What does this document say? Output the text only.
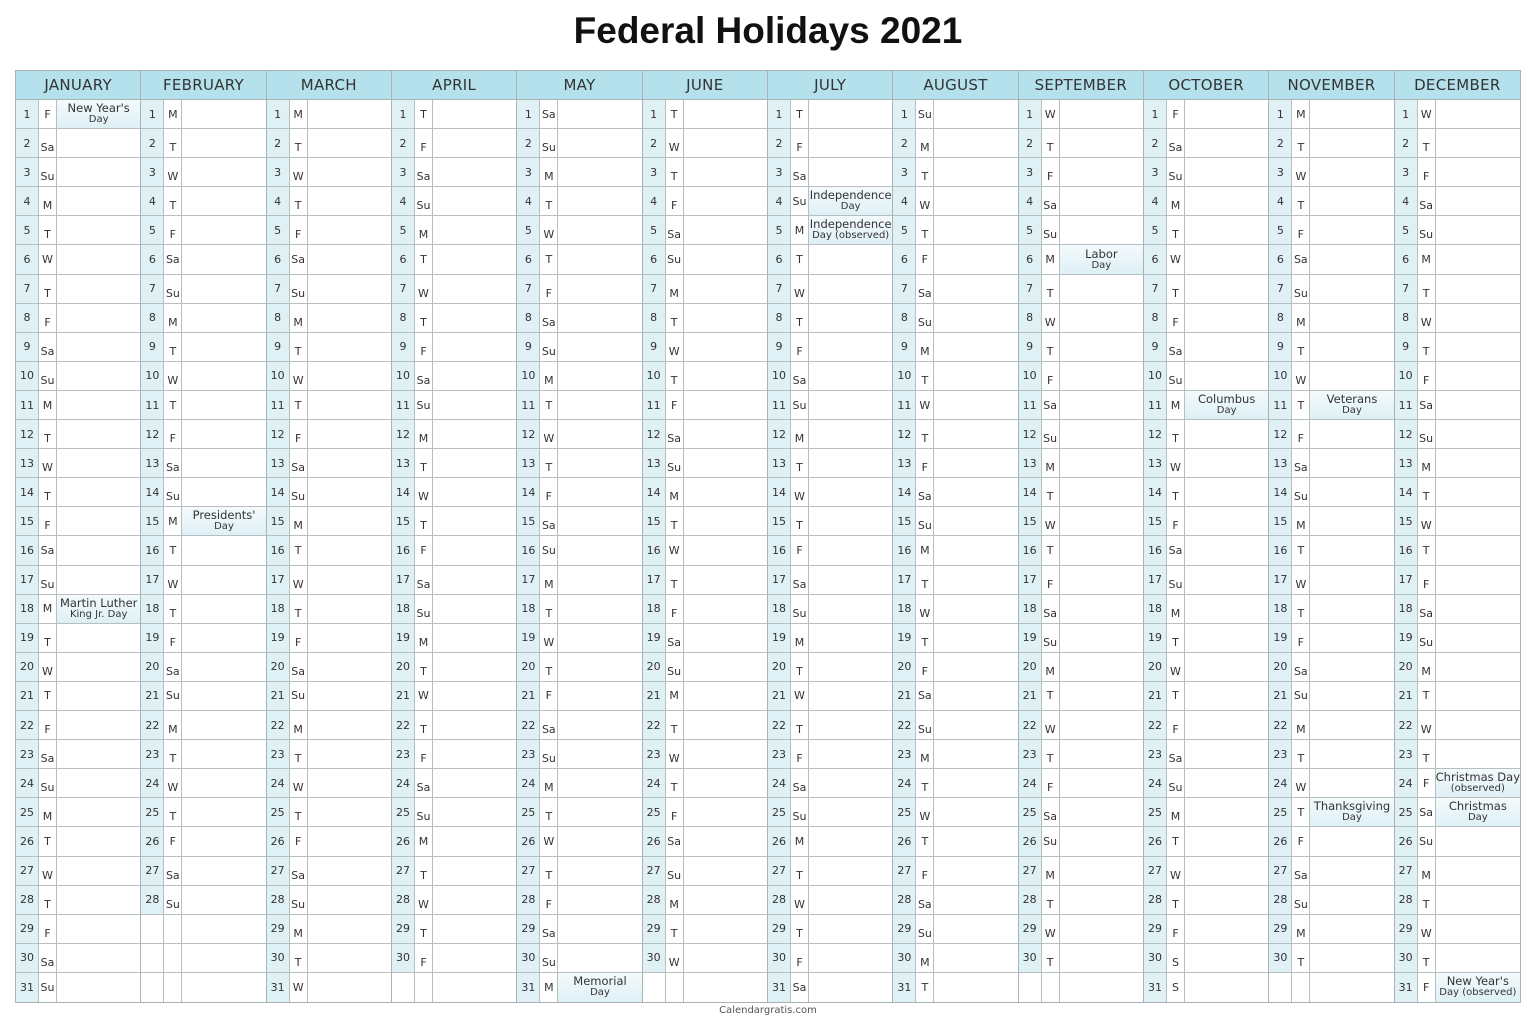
Federal Holidays 2021
JANUARY
1	F	New Year's
Day
2 Sa
3 Su
4	M
5	T
6	W
7	T
8	F
9 Sa
10 Su
11 M
12 T
13 W
14 T
15 F
16 Sa
17 Su
18 M Martin Luther
King Jr. Day
19 T
20 W
21 T
22 F
23 Sa
24 Su
25 M
26 T
27 W
28 T
29 F
30 Sa
31 Su
FEBRUARY
1	M
2	T
3	W
4	T
5	F
6 Sa
7 Su
8	M
9	T
10 W
11 T
12 F
13 Sa
14 Su
15 M	Presidents'
Day
16 T
17 W
18 T
19 F
20 Sa
21 Su
22 M
23 T
24 W
25 T
26 F
27 Sa
28 Su
MARCH
1	M
2	T
3	W
4	T
5	F
6 Sa
7 Su
8	M
9	T
10 W
11 T
12 F
13 Sa
14 Su
15 M
16 T
17 W
18 T
19 F
20 Sa
21 Su
22 M
23 T
24 W
25 T
26 F
27 Sa
28 Su
29 M
30 T
31 W
APRIL
1	T
2	F
3 Sa
4 Su
5	M
6	T
7	W
8	T
9	F
10 Sa
11 Su
12 M
13 T
14 W
15 T
16 F
17 Sa
18 Su
19 M
20 T
21 W
22 T
23 F
24 Sa
25 Su
26 M
27 T
28 W
29 T
30 F
MAY
1 Sa
2 Su
3	M
4	T
5	W
6	T
7	F
8 Sa
9 Su
10 M
11 T
12 W
13 T
14 F
15 Sa
16 Su
17 M
18 T
19 W
20 T
21 F
22 Sa
23 Su
24 M
25 T
26 W
27 T
28 F
29 Sa
30 Su
31 M	Memorial
Day
JUNE
1	T
2	W
3	T
4	F
5 Sa
6 Su
7	M
8	T
9	W
10 T
11 F
12 Sa
13 Su
14 M
15 T
16 W
17 T
18 F
19 Sa
20 Su
21 M
22 T
23 W
24 T
25 F
26 Sa
27 Su
28 M
29 T
30 W
JULY
1	T
2	F
3 Sa
4 Su Independence
Day
5	M Independence
Day (observed)
6	T
7	W
8	T
9	F
10 Sa
11 Su
12 M
13 T
14 W
15 T
16 F
17 Sa
18 Su
19 M
20 T
21 W
22 T
23 F
24 Sa
25 Su
26 M
27 T
28 W
29 T
30 F
31 Sa
AUGUST
1 Su
2	M
3	T
4	W
5	T
6	F
7 Sa
8 Su
9	M
10 T
11 W
12 T
13 F
14 Sa
15 Su
16 M
17 T
18 W
19 T
20 F
21 Sa
22 Su
23 M
24 T
25 W
26 T
27 F
28 Sa
29 Su
30 M
31 T
SEPTEMBER
1	W
2	T
3	F
4 Sa
5 Su
6	M	Labor
Day
7	T
8	W
9	T
10 F
11 Sa
12 Su
13 M
14 T
15 W
16 T
17 F
18 Sa
19 Su
20 M
21 T
22 W
23 T
24 F
25 Sa
26 Su
27 M
28 T
29 W
30 T
OCTOBER
1	F
2 Sa
3 Su
4	M
5	T
6	W
7	T
8	F
9 Sa
10 Su
11 M	Columbus
Day
12 T
13 W
14 T
15 F
16 Sa
17 Su
18 M
19 T
20 W
21 T
22 F
23 Sa
24 Su
25 M
26 T
27 W
28 T
29 F
30 S
31 S
NOVEMBER
1	M
2	T
3	W
4	T
5	F
6 Sa
7 Su
8	M
9	T
10 W
11 T	Veterans
Day
12 F
13 Sa
14 Su
15 M
16 T
17 W
18 T
19 F
20 Sa
21 Su
22 M
23 T
24 W
25 T Thanksgiving
Day
26 F
27 Sa
28 Su
29 M
30 T
DECEMBER
1	W
2	T
3	F
4 Sa
5 Su
6	M
7	T
8	W
9	T
10 F
11 Sa
12 Su
13 M
14 T
15 W
16 T
17 F
18 Sa
19 Su
20 M
21 T
22 W
23 T
24 F Christmas Day
(observed)
25 Sa Christmas
Day
26 Su
27 M
28 T
29 W
30 T
31 F	New Year's
Day (observed)
Calendargratis.com
